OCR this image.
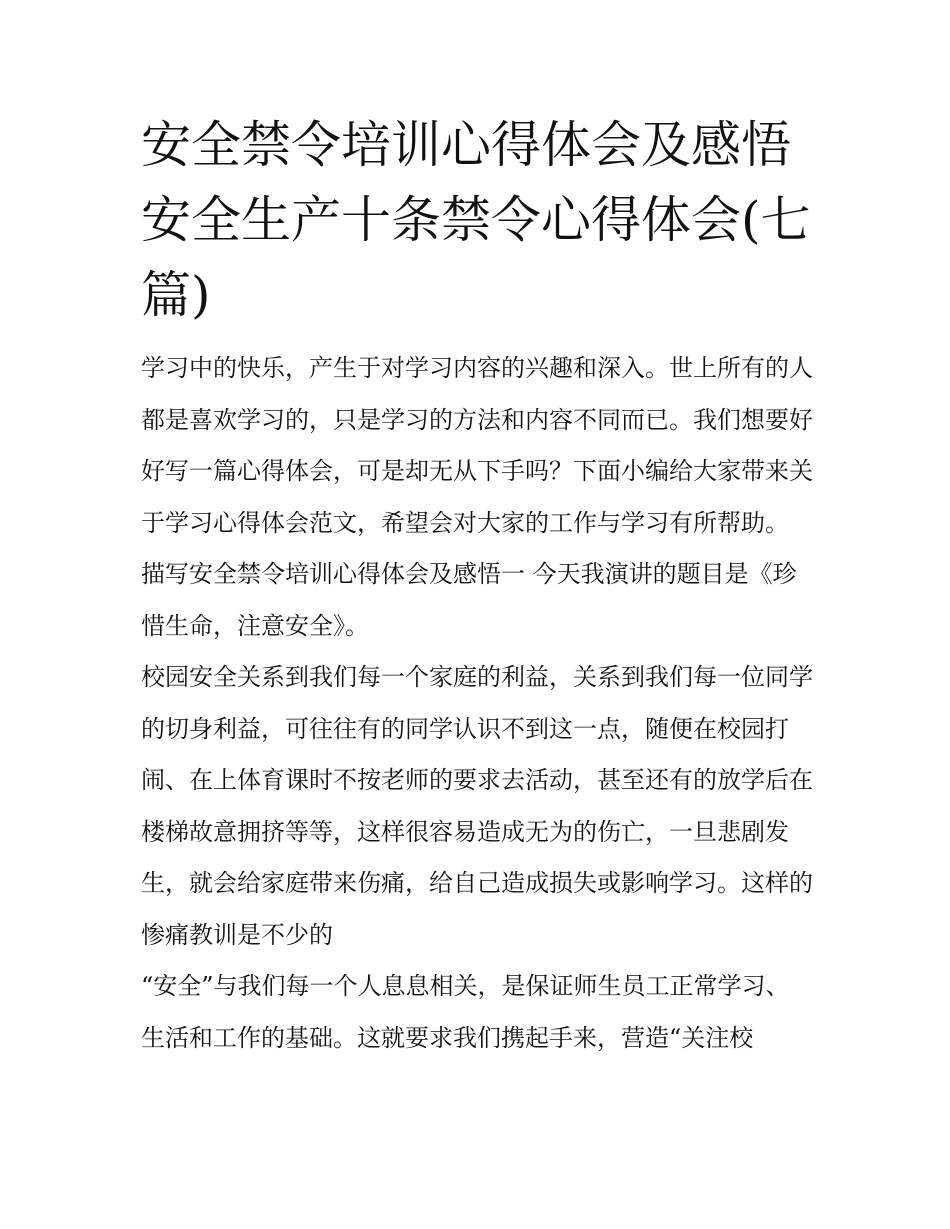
安全禁令培训心得体会及感悟安全生产十条禁令心得体会(七篇)

学习中的快乐，产生于对学习内容的兴趣和深入。世上所有的人都是喜欢学习的，只是学习的方法和内容不同而已。我们想要好好写一篇心得体会，可是却无从下手吗？下面小编给大家带来关于学习心得体会范文，希望会对大家的工作与学习有所帮助。

描写安全禁令培训心得体会及感悟一 今天我演讲的题目是《珍惜生命，注意安全》。

校园安全关系到我们每一个家庭的利益，关系到我们每一位同学的切身利益，可往往有的同学认识不到这一点，随便在校园打闹、在上体育课时不按老师的要求去活动，甚至还有的放学后在楼梯故意拥挤等等，这样很容易造成无为的伤亡，一旦悲剧发生，就会给家庭带来伤痛，给自己造成损失或影响学习。这样的惨痛教训是不少的

“安全”与我们每一个人息息相关，是保证师生员工正常学习、生活和工作的基础。这就要求我们携起手来，营造“关注校
